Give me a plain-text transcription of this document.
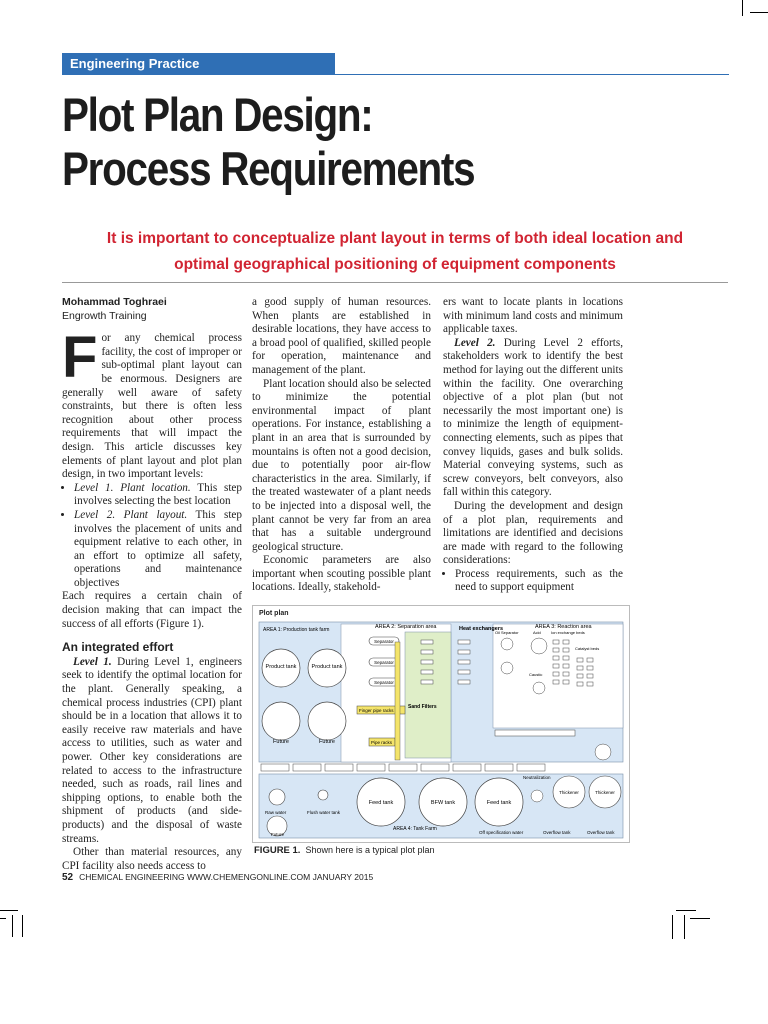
Engineering Practice
Plot Plan Design:
Process Requirements
It is important to conceptualize plant layout in terms of both ideal location and
optimal geographical positioning of equipment components
Mohammad Toghraei
Engrowth Training

For any chemical process facility, the cost of improper or sub-optimal plant layout can be enormous. Designers are generally well aware of safety constraints, but there is often less recognition about other process requirements that will impact the design. This article discusses key elements of plant layout and plot plan design, in two important levels:

• Level 1. Plant location. This step involves selecting the best location
• Level 2. Plant layout. This step involves the placement of units and equipment relative to each other, in an effort to optimize all safety, operations and maintenance objectives

Each requires a certain chain of decision making that can impact the success of all efforts (Figure 1).

An integrated effort

Level 1. During Level 1, engineers seek to identify the optimal location for the plant. Generally speaking, a chemical process industries (CPI) plant should be in a location that allows it to easily receive raw materials and have access to utilities, such as water and power. Other key considerations are related to access to the infrastructure needed, such as roads, rail lines and shipping options, to enable both the shipment of products (and side-products) and the disposal of waste streams.

Other than material resources, any CPI facility also needs access to

a good supply of human resources. When plants are established in desirable locations, they have access to a broad pool of qualified, skilled people for operation, maintenance and management of the plant.

Plant location should also be selected to minimize the potential environmental impact of plant operations. For instance, establishing a plant in an area that is surrounded by mountains is often not a good decision, due to potentially poor air-flow characteristics in the area. Similarly, if the treated wastewater of a plant needs to be injected into a disposal well, the plant cannot be very far from an area that has a suitable underground geological structure.

Economic parameters are also important when scouting possible plant locations. Ideally, stakehold-

ers want to locate plants in locations with minimum land costs and minimum applicable taxes.

Level 2. During Level 2 efforts, stakeholders work to identify the best method for laying out the different units within the facility. One overarching objective of a plot plan (but not necessarily the most important one) is to minimize the length of equipment-connecting elements, such as pipes that convey liquids, gases and bulk solids. Material conveying systems, such as screw conveyors, belt conveyors, also fall within this category.

During the development and design of a plot plan, requirements and limitations are identified and decisions are made with regard to the following considerations:

• Process requirements, such as the need to support equipment
Plot plan
AREA 1: Production tank farm	AREA 2: Separation area	Heat exchangers	AREA 3: Reaction area
Product tank	Product tank
Future	Future
Separator
Separator
Separator
Finger pipe racks
Pipe racks
Sand Filters
Oil Separator	Acid	Ion exchange beds
Caustic
Catalyst beds
Raw water	Flush water tank
Future
Feed tank	BFW tank	Feed tank
Neutralization
Thickener	Thickener
AREA 4: Tank Farm
Off specification water	Overflow tank	Overflow tank
FIGURE 1. Shown here is a typical plot plan
52 CHEMICAL ENGINEERING WWW.CHEMENGONLINE.COM JANUARY 2015
